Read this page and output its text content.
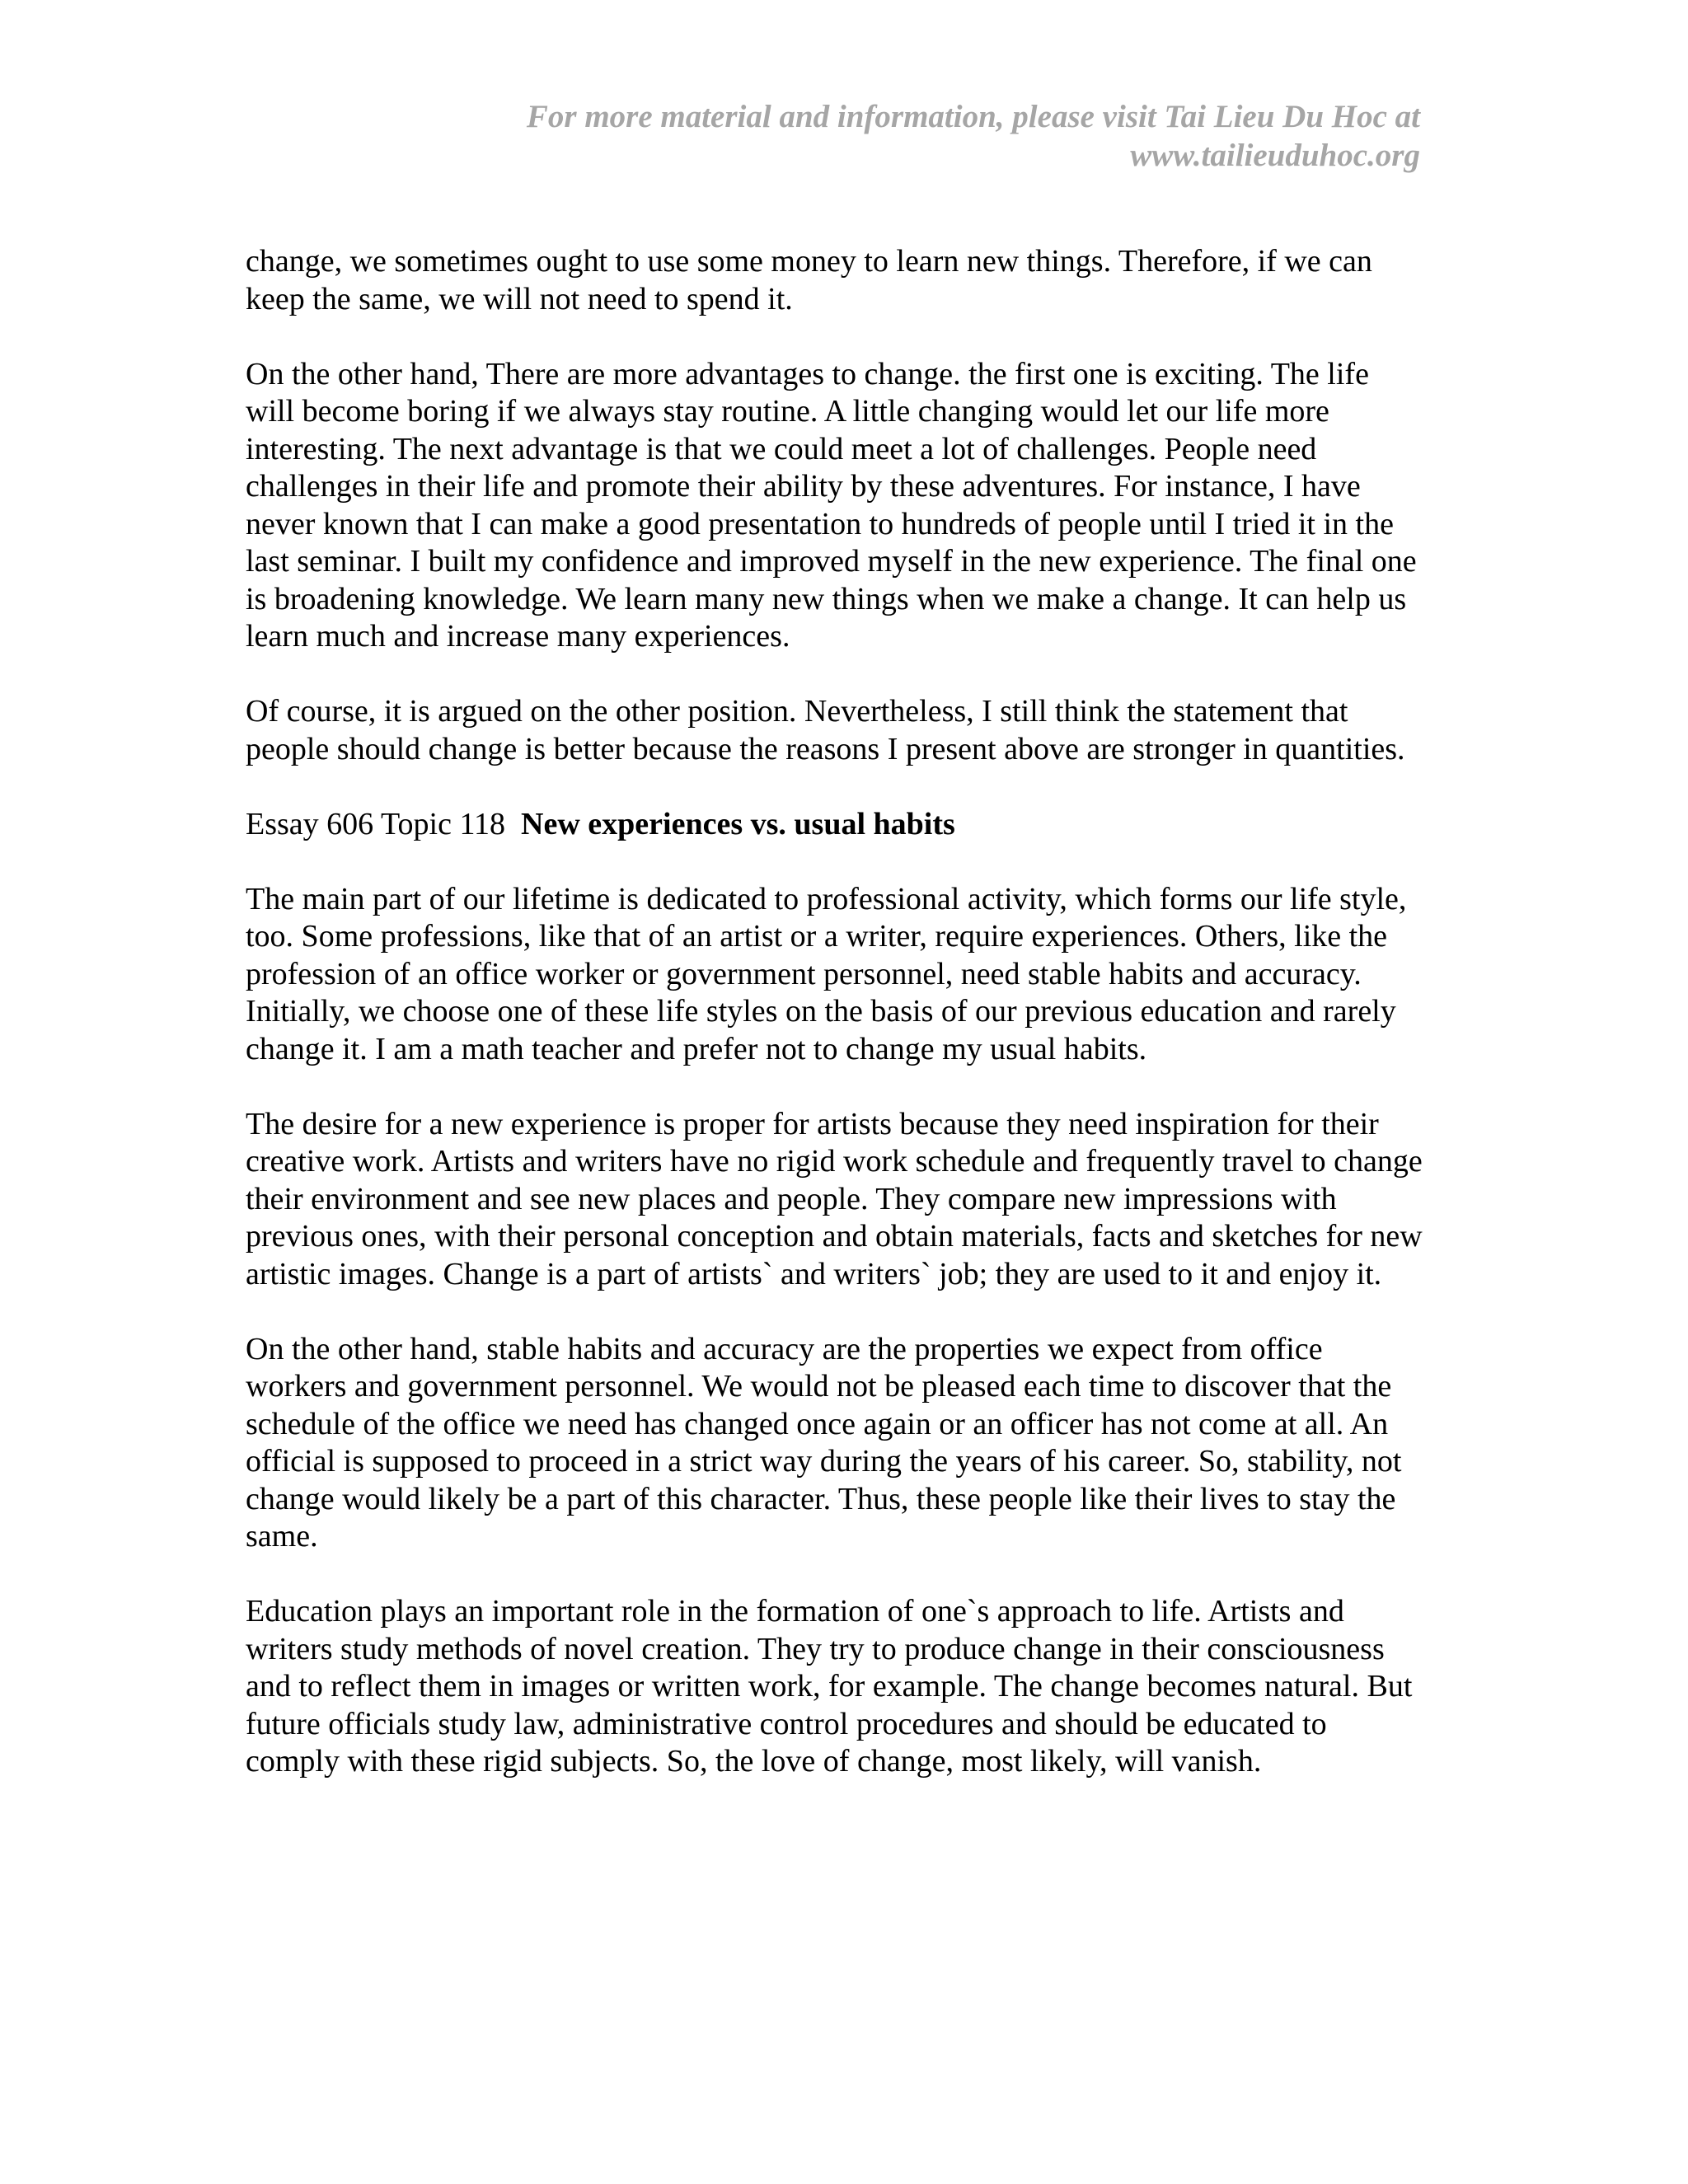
For more material and information, please visit Tai Lieu Du Hoc at
www.tailieuduhoc.org

change, we sometimes ought to use some money to learn new things. Therefore, if we can keep the same, we will not need to spend it.

On the other hand, There are more advantages to change. the first one is exciting. The life will become boring if we always stay routine. A little changing would let our life more interesting. The next advantage is that we could meet a lot of challenges. People need challenges in their life and promote their ability by these adventures. For instance, I have never known that I can make a good presentation to hundreds of people until I tried it in the last seminar. I built my confidence and improved myself in the new experience. The final one is broadening knowledge. We learn many new things when we make a change. It can help us learn much and increase many experiences.

Of course, it is argued on the other position. Nevertheless, I still think the statement that people should change is better because the reasons I present above are stronger in quantities.

Essay 606 Topic 118 New experiences vs. usual habits

The main part of our lifetime is dedicated to professional activity, which forms our life style, too. Some professions, like that of an artist or a writer, require experiences. Others, like the profession of an office worker or government personnel, need stable habits and accuracy. Initially, we choose one of these life styles on the basis of our previous education and rarely change it. I am a math teacher and prefer not to change my usual habits.

The desire for a new experience is proper for artists because they need inspiration for their creative work. Artists and writers have no rigid work schedule and frequently travel to change their environment and see new places and people. They compare new impressions with previous ones, with their personal conception and obtain materials, facts and sketches for new artistic images. Change is a part of artists` and writers` job; they are used to it and enjoy it.

On the other hand, stable habits and accuracy are the properties we expect from office workers and government personnel. We would not be pleased each time to discover that the schedule of the office we need has changed once again or an officer has not come at all. An official is supposed to proceed in a strict way during the years of his career. So, stability, not change would likely be a part of this character. Thus, these people like their lives to stay the same.

Education plays an important role in the formation of one`s approach to life. Artists and writers study methods of novel creation. They try to produce change in their consciousness and to reflect them in images or written work, for example. The change becomes natural. But future officials study law, administrative control procedures and should be educated to comply with these rigid subjects. So, the love of change, most likely, will vanish.
